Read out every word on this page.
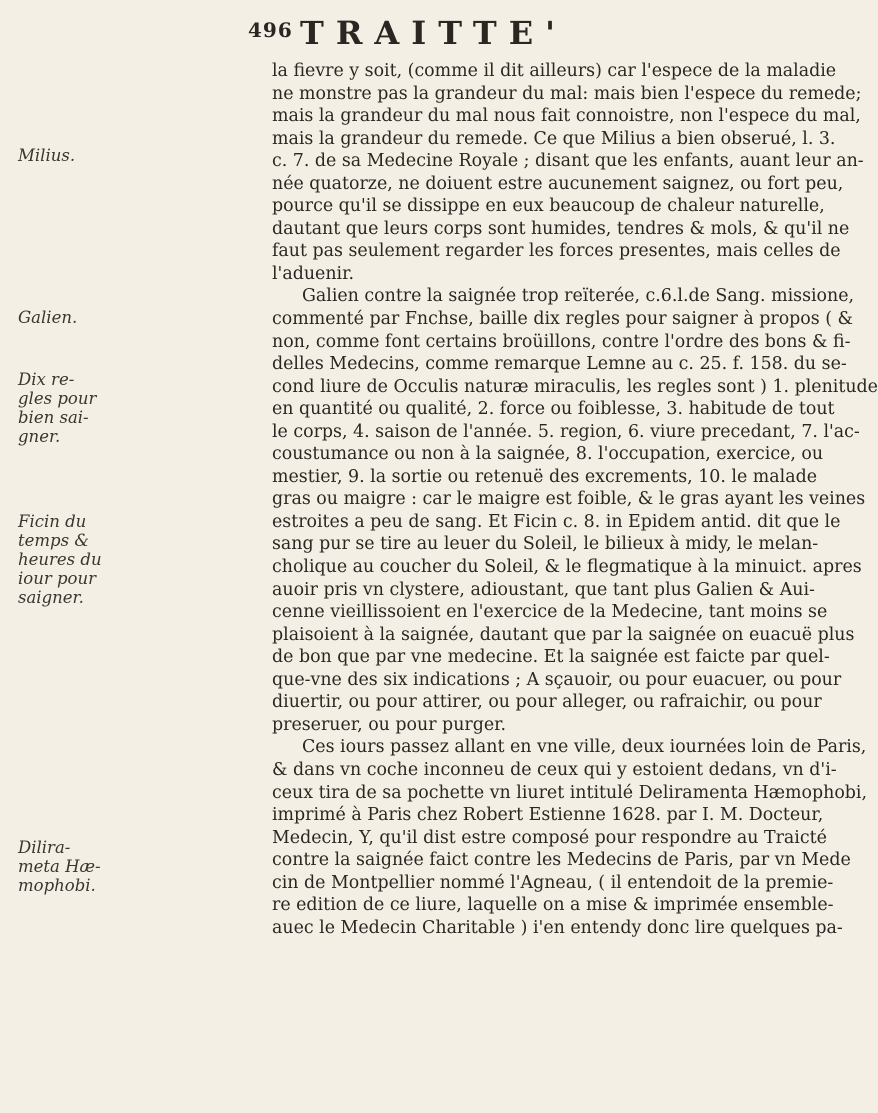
496 TRAITTE'
Milius.
Galien.
Dix re-
gles pour
bien sai-
gner.
Ficin du
temps &
heures du
iour pour
saigner.
Dilira-
meta Hæ-
mophobi.
la fievre y soit, (comme il dit ailleurs) car l'espece de la maladie
ne monstre pas la grandeur du mal: mais bien l'espece du remede;
mais la grandeur du mal nous fait connoistre, non l'espece du mal,
mais la grandeur du remede. Ce que Milius a bien obserué, l. 3.
c. 7. de sa Medecine Royale ; disant que les enfants, auant leur an-
née quatorze, ne doiuent estre aucunement saignez, ou fort peu,
pource qu'il se dissippe en eux beaucoup de chaleur naturelle,
dautant que leurs corps sont humides, tendres & mols, & qu'il ne
faut pas seulement regarder les forces presentes, mais celles de
l'aduenir.
Galien contre la saignée trop reïterée, c.6.l.de Sang. missione,
commenté par Fnchse, baille dix regles pour saigner à propos ( &
non, comme font certains broüillons, contre l'ordre des bons & fi-
delles Medecins, comme remarque Lemne au c. 25. f. 158. du se-
cond liure de Occulis naturæ miraculis, les regles sont ) 1. plenitude
en quantité ou qualité, 2. force ou foiblesse, 3. habitude de tout
le corps, 4. saison de l'année. 5. region, 6. viure precedant, 7. l'ac-
coustumance ou non à la saignée, 8. l'occupation, exercice, ou
mestier, 9. la sortie ou retenuë des excrements, 10. le malade
gras ou maigre : car le maigre est foible, & le gras ayant les veines
estroites a peu de sang. Et Ficin c. 8. in Epidem antid. dit que le
sang pur se tire au leuer du Soleil, le bilieux à midy, le melan-
cholique au coucher du Soleil, & le flegmatique à la minuict. apres
auoir pris vn clystere, adioustant, que tant plus Galien & Aui-
cenne vieillissoient en l'exercice de la Medecine, tant moins se
plaisoient à la saignée, dautant que par la saignée on euacuë plus
de bon que par vne medecine. Et la saignée est faicte par quel-
que-vne des six indications ; A sçauoir, ou pour euacuer, ou pour
diuertir, ou pour attirer, ou pour alleger, ou rafraichir, ou pour
preseruer, ou pour purger.
Ces iours passez allant en vne ville, deux iournées loin de Paris,
& dans vn coche inconneu de ceux qui y estoient dedans, vn d'i-
ceux tira de sa pochette vn liuret intitulé Deliramenta Hæmophobi,
imprimé à Paris chez Robert Estienne 1628. par I. M. Docteur,
Medecin, Y, qu'il dist estre composé pour respondre au Traicté
contre la saignée faict contre les Medecins de Paris, par vn Mede
cin de Montpellier nommé l'Agneau, ( il entendoit de la premie-
re edition de ce liure, laquelle on a mise & imprimée ensemble-
auec le Medecin Charitable ) i'en entendy donc lire quelques pa-
